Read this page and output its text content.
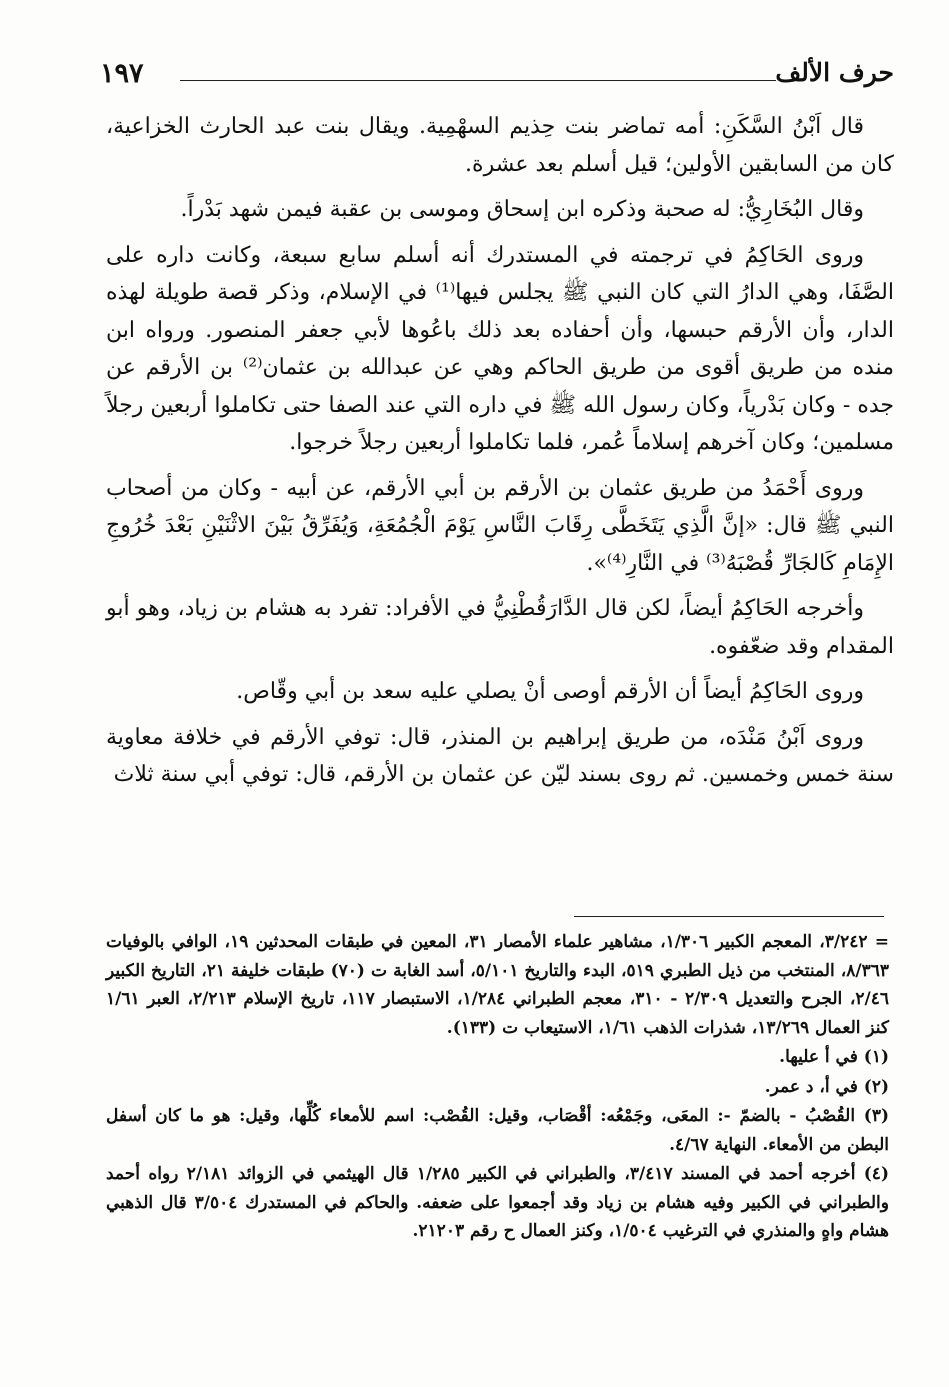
حرف الألف
١٩٧

قال اَبْنُ السَّكَنِ: أمه تماضر بنت حِذيم السهْمِية. ويقال بنت عبد الحارث الخزاعية، كان من السابقين الأولين؛ قيل أسلم بعد عشرة.

وقال البُخَارِيُّ: له صحبة وذكره ابن إسحاق وموسى بن عقبة فيمن شهد بَدْراً.

وروى الحَاكِمُ في ترجمته في المستدرك أنه أسلم سابع سبعة، وكانت داره على الصَّفَا، وهي الدارُ التي كان النبي ﷺ يجلس فيها⁽¹⁾ في الإسلام، وذكر قصة طويلة لهذه الدار، وأن الأرقم حبسها، وأن أحفاده بعد ذلك باعُوها لأبي جعفر المنصور. ورواه ابن منده من طريق أقوى من طريق الحاكم وهي عن عبدالله بن عثمان⁽²⁾ بن الأرقم عن جده - وكان بَدْرياً، وكان رسول الله ﷺ في داره التي عند الصفا حتى تكاملوا أربعين رجلاً مسلمين؛ وكان آخرهم إسلاماً عُمر، فلما تكاملوا أربعين رجلاً خرجوا.

وروى أَحْمَدُ من طريق عثمان بن الأرقم بن أبي الأرقم، عن أبيه - وكان من أصحاب النبي ﷺ قال: «إنَّ الَّذِي يَتَخَطَّى رِقَابَ النَّاسِ يَوْمَ الْجُمُعَةِ، وَيُفَرِّقُ بَيْنَ الاثْنَيْنِ بَعْدَ خُرُوجِ الإِمَامِ كَالجَارِّ قُصْبَهُ⁽³⁾ في النَّارِ⁽⁴⁾».

وأخرجه الحَاكِمُ أيضاً، لكن قال الدَّارَقُطْنِيُّ في الأفراد: تفرد به هشام بن زياد، وهو أبو المقدام وقد ضعّفوه.

وروى الحَاكِمُ أيضاً أن الأرقم أوصى أنْ يصلي عليه سعد بن أبي وقّاص.

وروى اَبْنُ مَنْدَه، من طريق إبراهيم بن المنذر، قال: توفي الأرقم في خلافة معاوية سنة خمس وخمسين. ثم روى بسند ليّن عن عثمان بن الأرقم، قال: توفي أبي سنة ثلاث

= ٣/٢٤٢، المعجم الكبير ١/٣٠٦، مشاهير علماء الأمصار ٣١، المعين في طبقات المحدثين ١٩، الوافي بالوفيات ٨/٣٦٣، المنتخب من ذيل الطبري ٥١٩، البدء والتاريخ ٥/١٠١، أسد الغابة ت (٧٠) طبقات خليفة ٢١، التاريخ الكبير ٢/٤٦، الجرح والتعديل ٢/٣٠٩ - ٣١٠، معجم الطبراني ١/٢٨٤، الاستبصار ١١٧، تاريخ الإسلام ٢/٢١٣، العبر ١/٦١ كنز العمال ١٣/٢٦٩، شذرات الذهب ١/٦١، الاستيعاب ت (١٣٣).

(١) في أ عليها.

(٢) في أ، د عمر.

(٣) القُصْبُ - بالضمّ -: المعَى، وجَمْعُه: أقْصَاب، وقيل: القُصْب: اسم للأمعاء كُلِّها، وقيل: هو ما كان أسفل البطن من الأمعاء. النهاية ٤/٦٧.

(٤) أخرجه أحمد في المسند ٣/٤١٧، والطبراني في الكبير ١/٢٨٥ قال الهيثمي في الزوائد ٢/١٨١ رواه أحمد والطبراني في الكبير وفيه هشام بن زياد وقد أجمعوا على ضعفه. والحاكم في المستدرك ٣/٥٠٤ قال الذهبي هشام واهٍ والمنذري في الترغيب ١/٥٠٤، وكنز العمال ح رقم ٢١٢٠٣.
